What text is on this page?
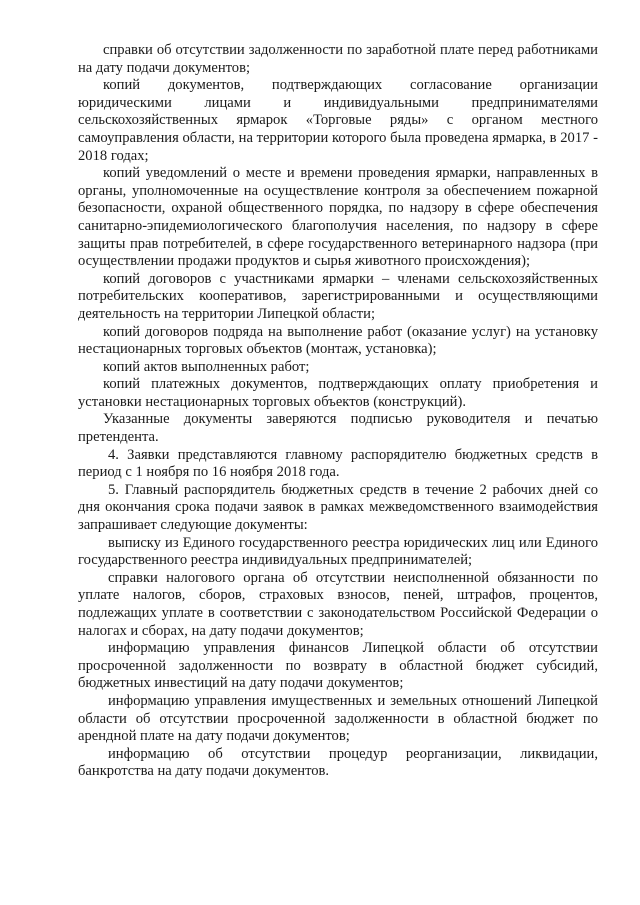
справки об отсутствии задолженности по заработной плате перед работниками на дату подачи документов;

копий документов, подтверждающих согласование организации юридическими лицами и индивидуальными предпринимателями сельскохозяйственных ярмарок «Торговые ряды» с органом местного самоуправления области, на территории которого была проведена ярмарка, в 2017 - 2018 годах;

копий уведомлений о месте и времени проведения ярмарки, направленных в органы, уполномоченные на осуществление контроля за обеспечением пожарной безопасности, охраной общественного порядка, по надзору в сфере обеспечения санитарно-эпидемиологического благополучия населения, по надзору в сфере защиты прав потребителей, в сфере государственного ветеринарного надзора (при осуществлении продажи продуктов и сырья животного происхождения);

копий договоров с участниками ярмарки – членами сельскохозяйственных потребительских кооперативов, зарегистрированными и осуществляющими деятельность на территории Липецкой области;

копий договоров подряда на выполнение работ (оказание услуг) на установку нестационарных торговых объектов (монтаж, установка);

копий актов выполненных работ;

копий платежных документов, подтверждающих оплату приобретения и установки нестационарных торговых объектов (конструкций).

Указанные документы заверяются подписью руководителя и печатью претендента.

4. Заявки представляются главному распорядителю бюджетных средств в период с 1 ноября по 16 ноября 2018 года.

5. Главный распорядитель бюджетных средств в течение 2 рабочих дней со дня окончания срока подачи заявок в рамках межведомственного взаимодействия запрашивает следующие документы:

выписку из Единого государственного реестра юридических лиц или Единого государственного реестра индивидуальных предпринимателей;

справки налогового органа об отсутствии неисполненной обязанности по уплате налогов, сборов, страховых взносов, пеней, штрафов, процентов, подлежащих уплате в соответствии с законодательством Российской Федерации о налогах и сборах, на дату подачи документов;

информацию управления финансов Липецкой области об отсутствии просроченной задолженности по возврату в областной бюджет субсидий, бюджетных инвестиций на дату подачи документов;

информацию управления имущественных и земельных отношений Липецкой области об отсутствии просроченной задолженности в областной бюджет по арендной плате на дату подачи документов;

информацию об отсутствии процедур реорганизации, ликвидации, банкротства на дату подачи документов.
